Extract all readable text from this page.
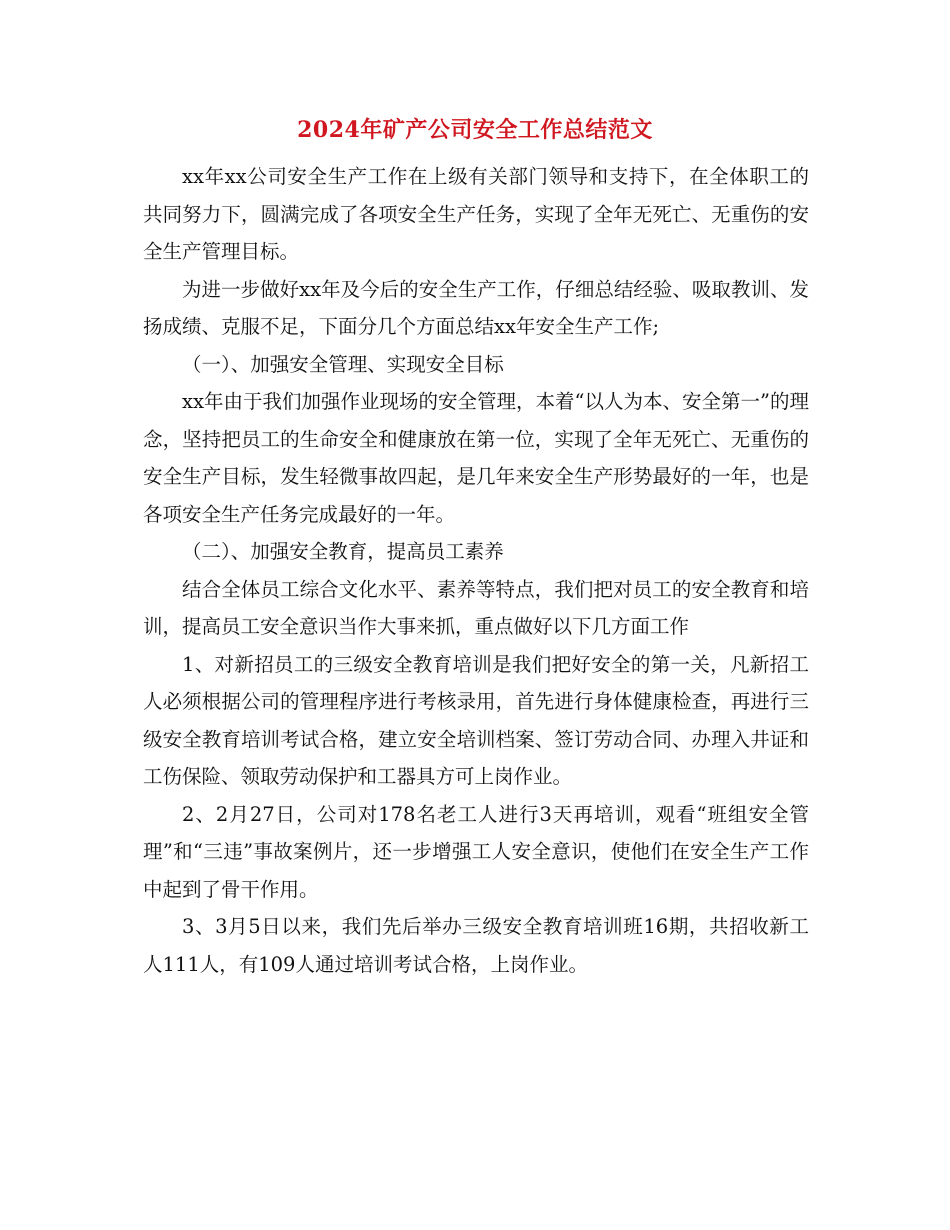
2024年矿产公司安全工作总结范文

xx年xx公司安全生产工作在上级有关部门领导和支持下，在全体职工的共同努力下，圆满完成了各项安全生产任务，实现了全年无死亡、无重伤的安全生产管理目标。

为进一步做好xx年及今后的安全生产工作，仔细总结经验、吸取教训、发扬成绩、克服不足，下面分几个方面总结xx年安全生产工作;

（一）、加强安全管理、实现安全目标

xx年由于我们加强作业现场的安全管理，本着“以人为本、安全第一”的理念，坚持把员工的生命安全和健康放在第一位，实现了全年无死亡、无重伤的安全生产目标，发生轻微事故四起，是几年来安全生产形势最好的一年，也是各项安全生产任务完成最好的一年。

（二）、加强安全教育，提高员工素养

结合全体员工综合文化水平、素养等特点，我们把对员工的安全教育和培训，提高员工安全意识当作大事来抓，重点做好以下几方面工作

1、对新招员工的三级安全教育培训是我们把好安全的第一关，凡新招工人必须根据公司的管理程序进行考核录用，首先进行身体健康检查，再进行三级安全教育培训考试合格，建立安全培训档案、签订劳动合同、办理入井证和工伤保险、领取劳动保护和工器具方可上岗作业。

2、2月27日，公司对178名老工人进行3天再培训，观看“班组安全管理”和“三违”事故案例片，还一步增强工人安全意识，使他们在安全生产工作中起到了骨干作用。

3、3月5日以来，我们先后举办三级安全教育培训班16期，共招收新工人111人，有109人通过培训考试合格，上岗作业。
